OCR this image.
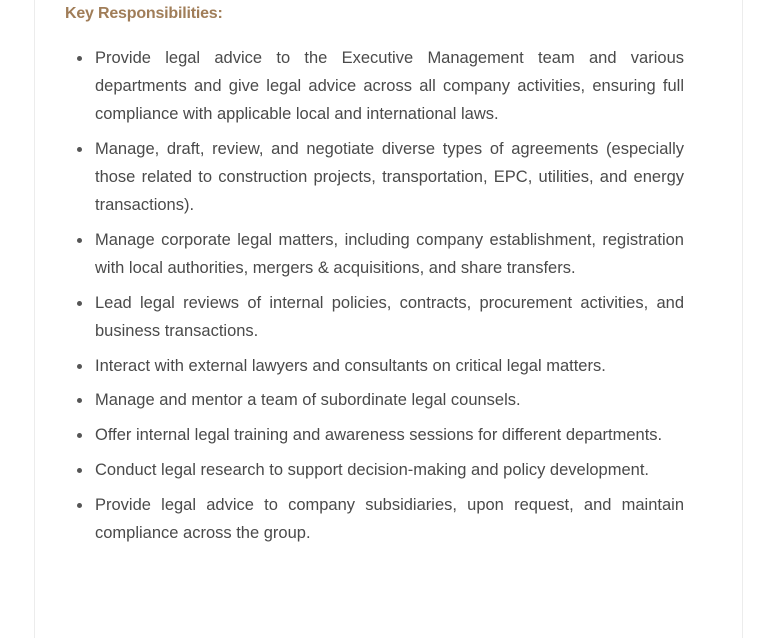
Key Responsibilities:
Provide legal advice to the Executive Management team and various departments and give legal advice across all company activities, ensuring full compliance with applicable local and international laws.
Manage, draft, review, and negotiate diverse types of agreements (especially those related to construction projects, transportation, EPC, utilities, and energy transactions).
Manage corporate legal matters, including company establishment, registration with local authorities, mergers & acquisitions, and share transfers.
Lead legal reviews of internal policies, contracts, procurement activities, and business transactions.
Interact with external lawyers and consultants on critical legal matters.
Manage and mentor a team of subordinate legal counsels.
Offer internal legal training and awareness sessions for different departments.
Conduct legal research to support decision-making and policy development.
Provide legal advice to company subsidiaries, upon request, and maintain compliance across the group.
